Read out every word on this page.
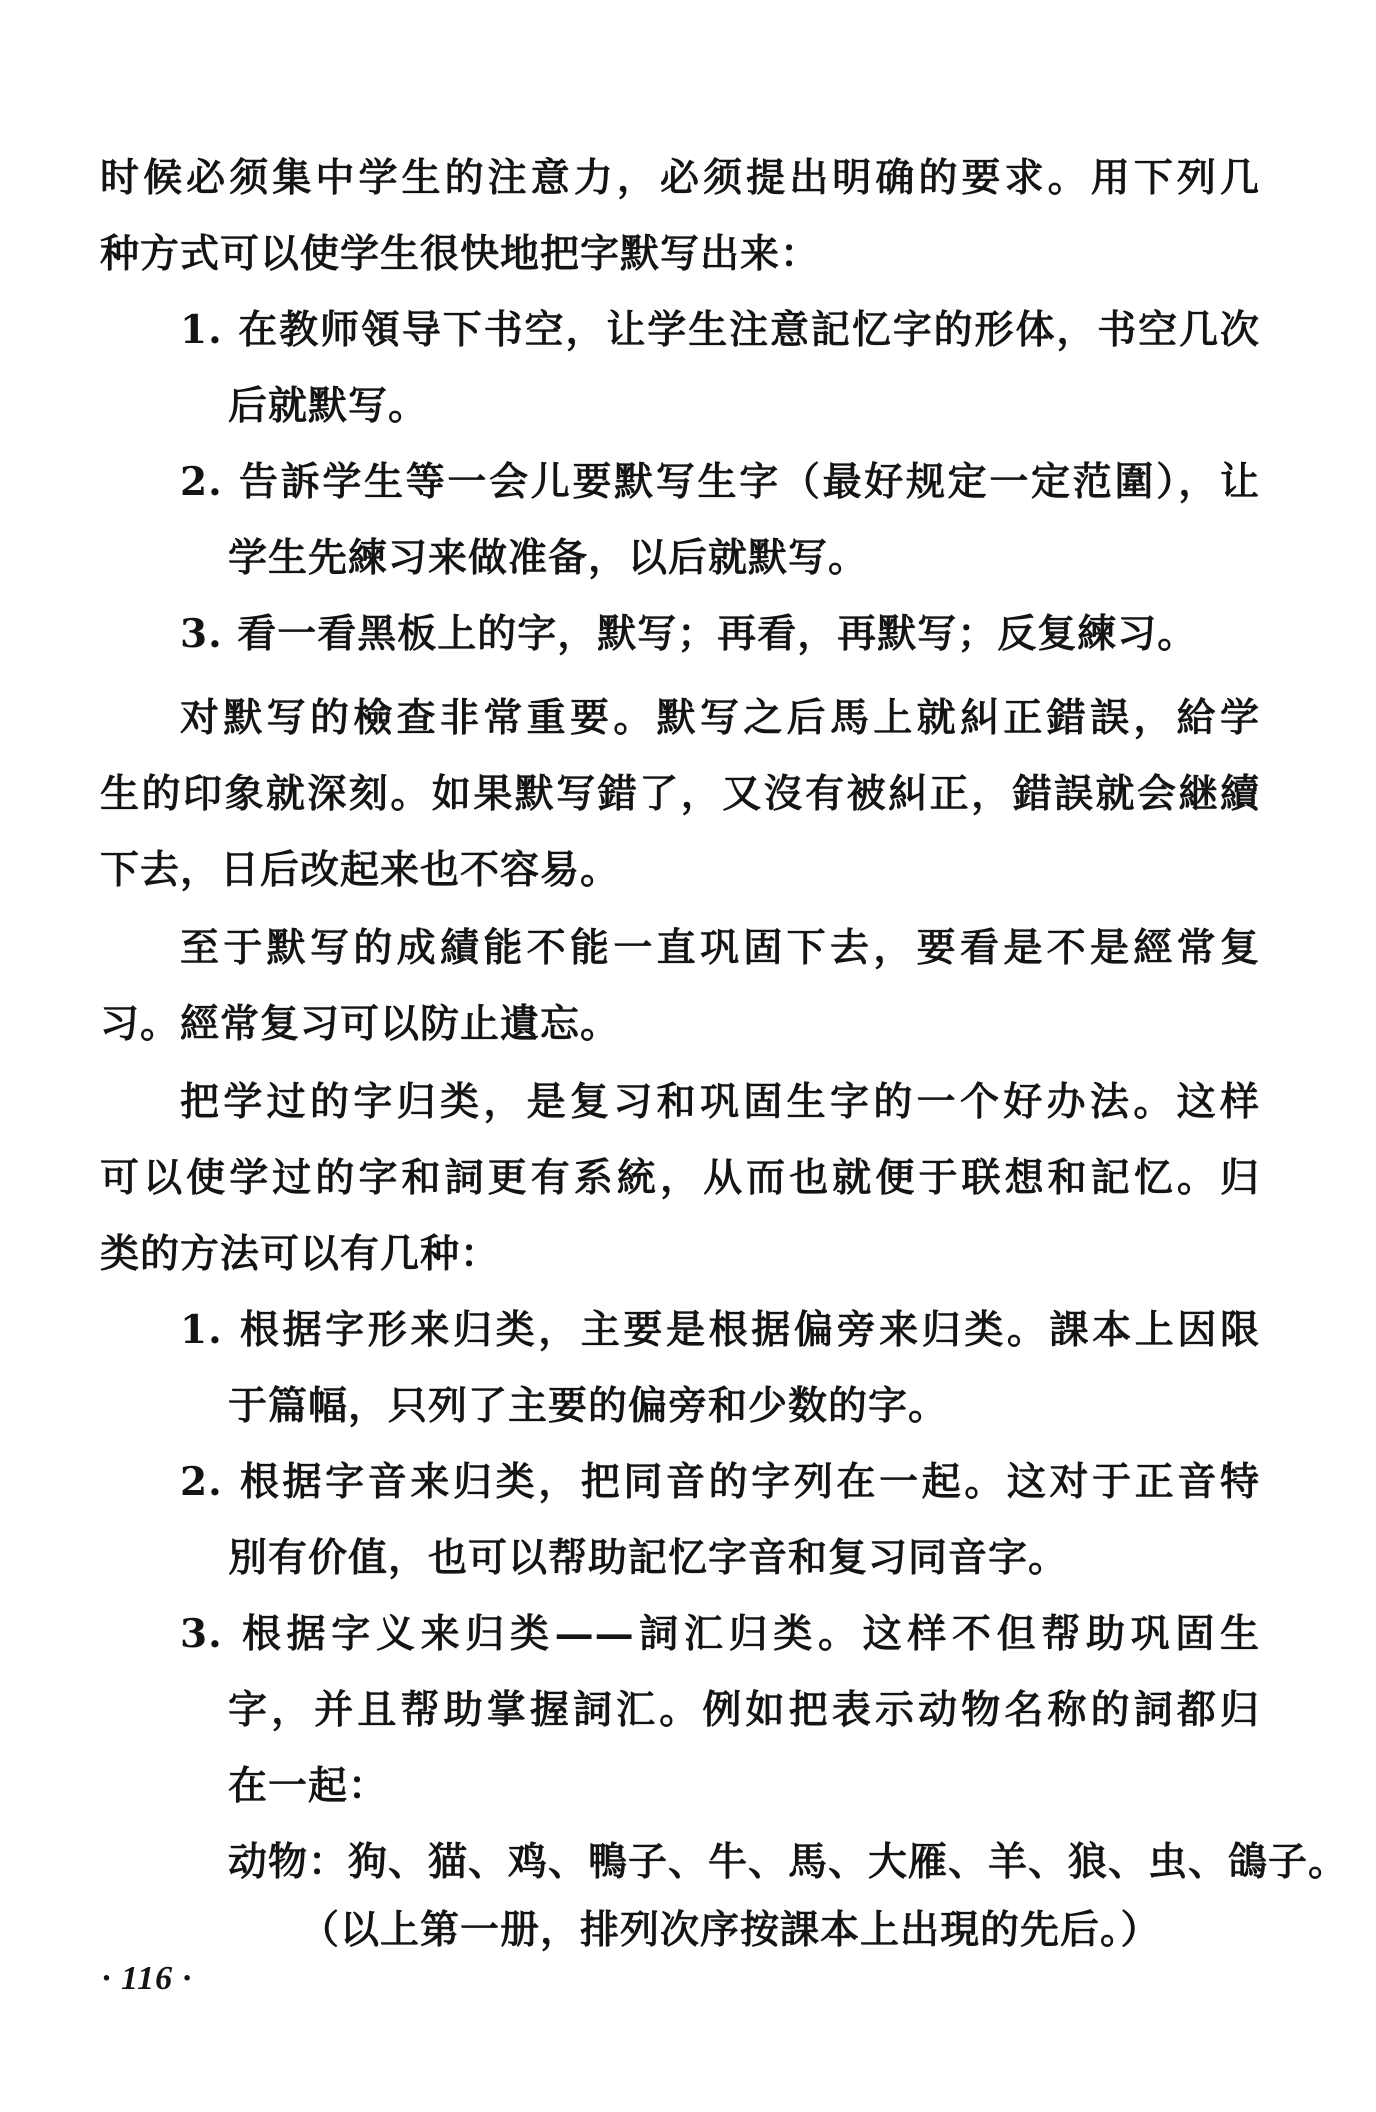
时候必须集中学生的注意力，必须提出明确的要求。用下列几
种方式可以使学生很快地把字默写出来：
1. 在教师領导下书空，让学生注意記忆字的形体，书空几次
后就默写。
2. 告訴学生等一会儿要默写生字（最好规定一定范圍），让
学生先練习来做准备，以后就默写。
3. 看一看黑板上的字，默写；再看，再默写；反复練习。
对默写的檢查非常重要。默写之后馬上就糾正錯誤，給学
生的印象就深刻。如果默写錯了，又沒有被糾正，錯誤就会継續
下去，日后改起来也不容易。
至于默写的成績能不能一直巩固下去，要看是不是經常复
习。經常复习可以防止遺忘。
把学过的字归类，是复习和巩固生字的一个好办法。这样
可以使学过的字和詞更有系統，从而也就便于联想和記忆。归
类的方法可以有几种：
1. 根据字形来归类，主要是根据偏旁来归类。課本上因限
于篇幅，只列了主要的偏旁和少数的字。
2. 根据字音来归类，把同音的字列在一起。这对于正音特
別有价值，也可以帮助記忆字音和复习同音字。
3. 根据字义来归类——詞汇归类。这样不但帮助巩固生
字，并且帮助掌握詞汇。例如把表示动物名称的詞都归
在一起：
动物：狗、猫、鸡、鴨子、牛、馬、大雁、羊、狼、虫、鴿子。
（以上第一册，排列次序按課本上出現的先后。）
· 116 ·
